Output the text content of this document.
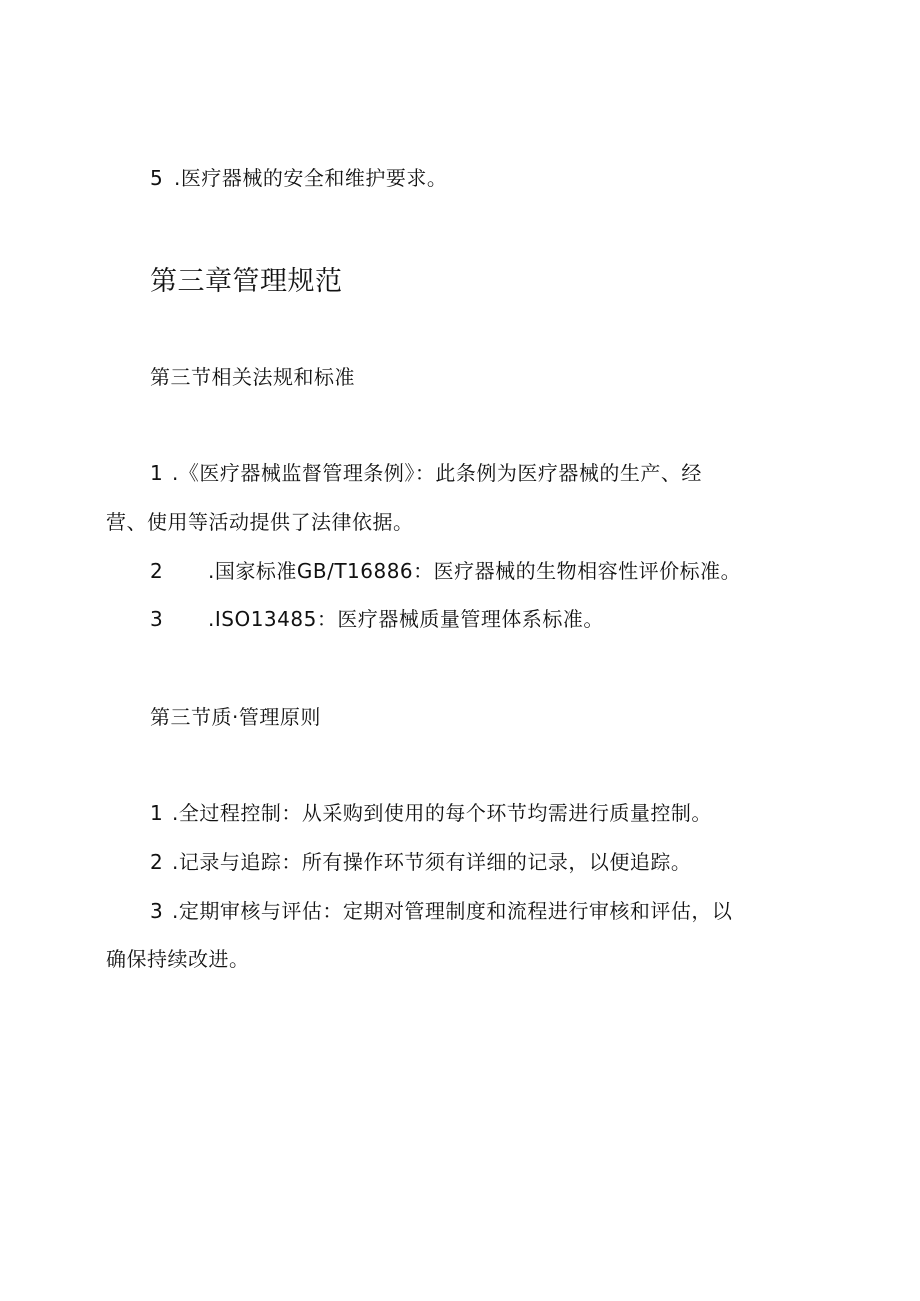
5 .医疗器械的安全和维护要求。
第三章管理规范
第三节相关法规和标准
1 .《医疗器械监督管理条例》：此条例为医疗器械的生产、经
营、使用等活动提供了法律依据。
2 .国家标准GB/T16886：医疗器械的生物相容性评价标准。
3 .ISO13485：医疗器械质量管理体系标准。
第三节质·管理原则
1 .全过程控制：从采购到使用的每个环节均需进行质量控制。
2 .记录与追踪：所有操作环节须有详细的记录，以便追踪。
3 .定期审核与评估：定期对管理制度和流程进行审核和评估，以
确保持续改进。
